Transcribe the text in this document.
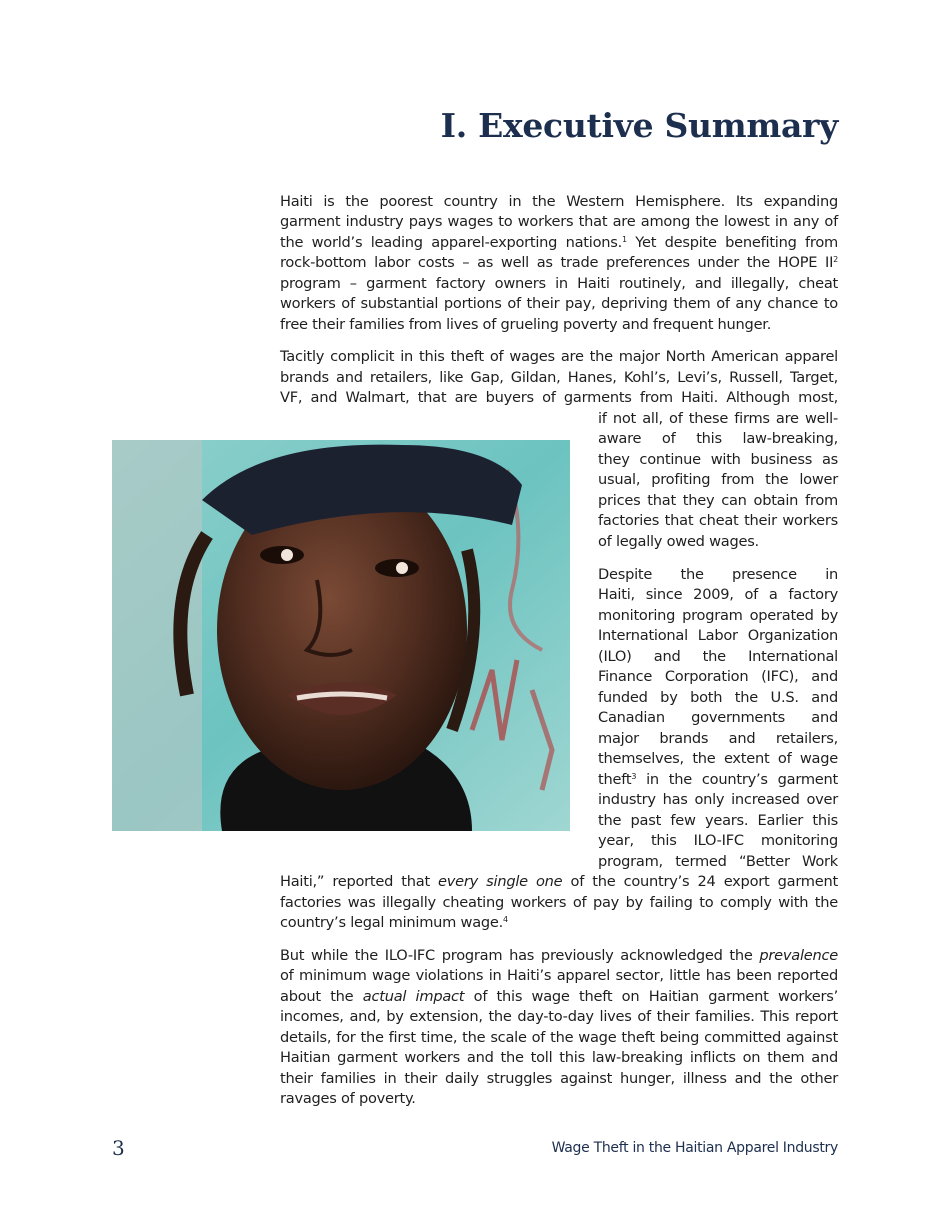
I. Executive Summary

Haiti is the poorest country in the Western Hemisphere. Its expanding

garment industry pays wages to workers that are among the lowest in any of

the world’s leading apparel-exporting nations.$^1$ Yet despite benefiting from

rock-bottom labor costs – as well as trade preferences under the HOPE $II^2$

program – garment factory owners in Haiti routinely, and illegally, cheat

workers of substantial portions of their pay, depriving them of any chance to

free their families from lives of grueling poverty and frequent hunger.

Tacitly complicit in this theft of wages are the major North American apparel

brands and retailers, like Gap, Gildan, Hanes, Kohl’s, Levi’s, Russell, Target,

VF, and Walmart, that are buyers of garments from Haiti. Although most,

if not all, of these firms are well-

aware of this law-breaking,

they continue with business as

usual, profiting from the lower

prices that they can obtain from

factories that cheat their workers

of legally owed wages.

Despite the presence in

Haiti, since 2009, of a factory

monitoring program operated by

International Labor Organization

(ILO) and the International

Finance Corporation (IFC), and

funded by both the U.S. and

Canadian governments and

major brands and retailers,

themselves, the extent of wage

theft$^3$ in the country’s garment

industry has only increased over

the past few years. Earlier this

year, this ILO-IFC monitoring

program, termed “Better Work

Haiti,” reported that every single one of the country’s 24 export garment

factories was illegally cheating workers of pay by failing to comply with the

country’s legal minimum wage.$^4$

But while the ILO-IFC program has previously acknowledged the prevalence

of minimum wage violations in Haiti’s apparel sector, little has been reported

about the actual impact of this wage theft on Haitian garment workers’

incomes, and, by extension, the day-to-day lives of their families. This report

details, for the first time, the scale of the wage theft being committed against

Haitian garment workers and the toll this law-breaking inflicts on them and

their families in their daily struggles against hunger, illness and the other

ravages of poverty.

3	Wage Theft in the Haitian Apparel Industry
